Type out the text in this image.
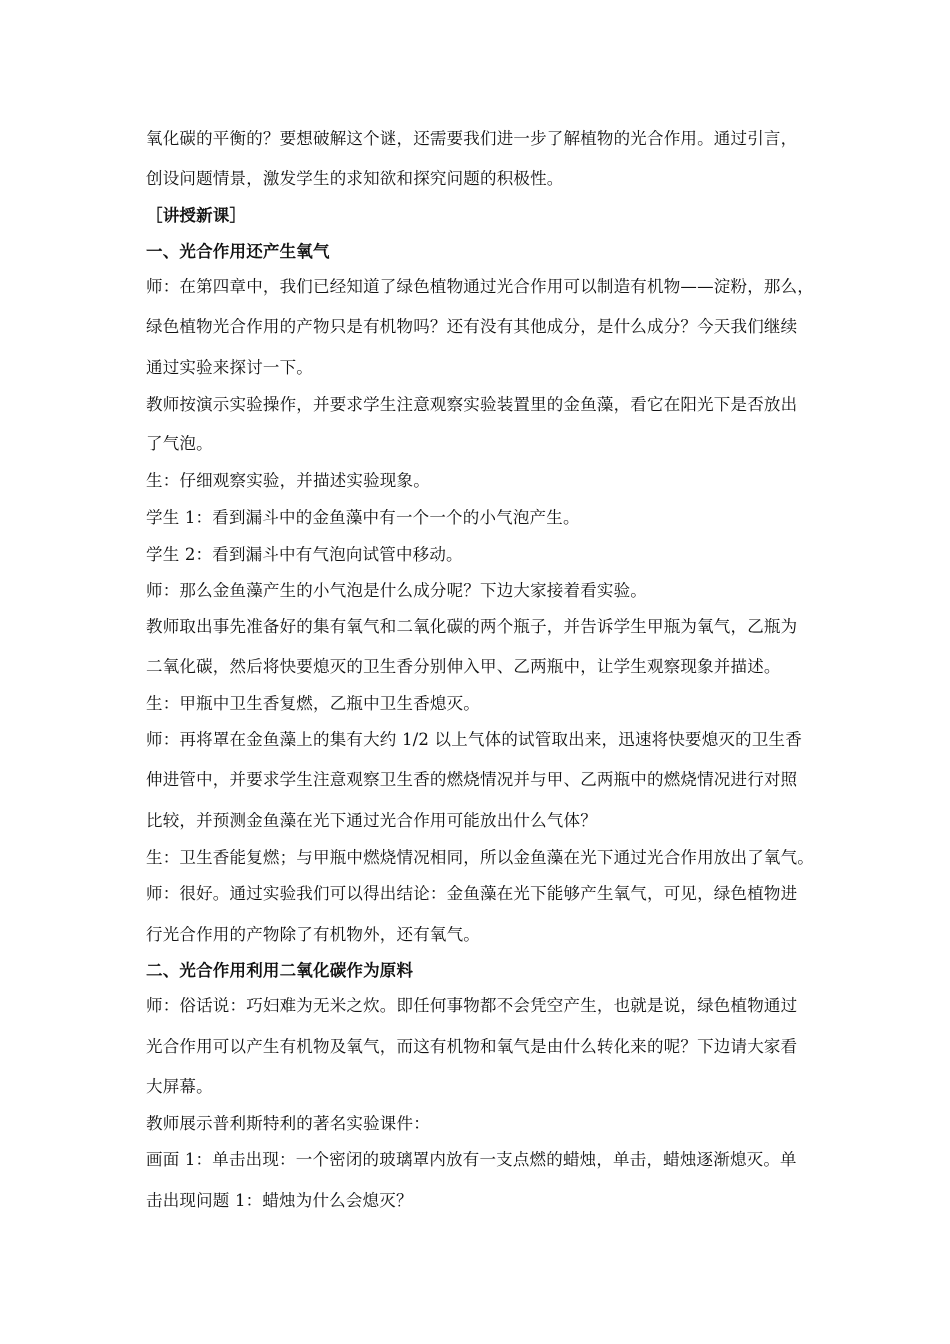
氧化碳的平衡的？要想破解这个谜，还需要我们进一步了解植物的光合作用。通过引言，
创设问题情景，激发学生的求知欲和探究问题的积极性。
［讲授新课］
一、光合作用还产生氧气
师：在第四章中，我们已经知道了绿色植物通过光合作用可以制造有机物——淀粉，那么，
绿色植物光合作用的产物只是有机物吗？还有没有其他成分，是什么成分？今天我们继续
通过实验来探讨一下。
教师按演示实验操作，并要求学生注意观察实验装置里的金鱼藻，看它在阳光下是否放出
了气泡。
生：仔细观察实验，并描述实验现象。
学生 1：看到漏斗中的金鱼藻中有一个一个的小气泡产生。
学生 2：看到漏斗中有气泡向试管中移动。
师：那么金鱼藻产生的小气泡是什么成分呢？下边大家接着看实验。
教师取出事先准备好的集有氧气和二氧化碳的两个瓶子，并告诉学生甲瓶为氧气，乙瓶为
二氧化碳，然后将快要熄灭的卫生香分别伸入甲、乙两瓶中，让学生观察现象并描述。
生：甲瓶中卫生香复燃，乙瓶中卫生香熄灭。
师：再将罩在金鱼藻上的集有大约 1/2 以上气体的试管取出来，迅速将快要熄灭的卫生香
伸进管中，并要求学生注意观察卫生香的燃烧情况并与甲、乙两瓶中的燃烧情况进行对照
比较，并预测金鱼藻在光下通过光合作用可能放出什么气体？
生：卫生香能复燃；与甲瓶中燃烧情况相同，所以金鱼藻在光下通过光合作用放出了氧气。
师：很好。通过实验我们可以得出结论：金鱼藻在光下能够产生氧气，可见，绿色植物进
行光合作用的产物除了有机物外，还有氧气。
二、光合作用利用二氧化碳作为原料
师：俗话说：巧妇难为无米之炊。即任何事物都不会凭空产生，也就是说，绿色植物通过
光合作用可以产生有机物及氧气，而这有机物和氧气是由什么转化来的呢？下边请大家看
大屏幕。
教师展示普利斯特利的著名实验课件：
画面 1：单击出现：一个密闭的玻璃罩内放有一支点燃的蜡烛，单击，蜡烛逐渐熄灭。单
击出现问题 1：蜡烛为什么会熄灭？
